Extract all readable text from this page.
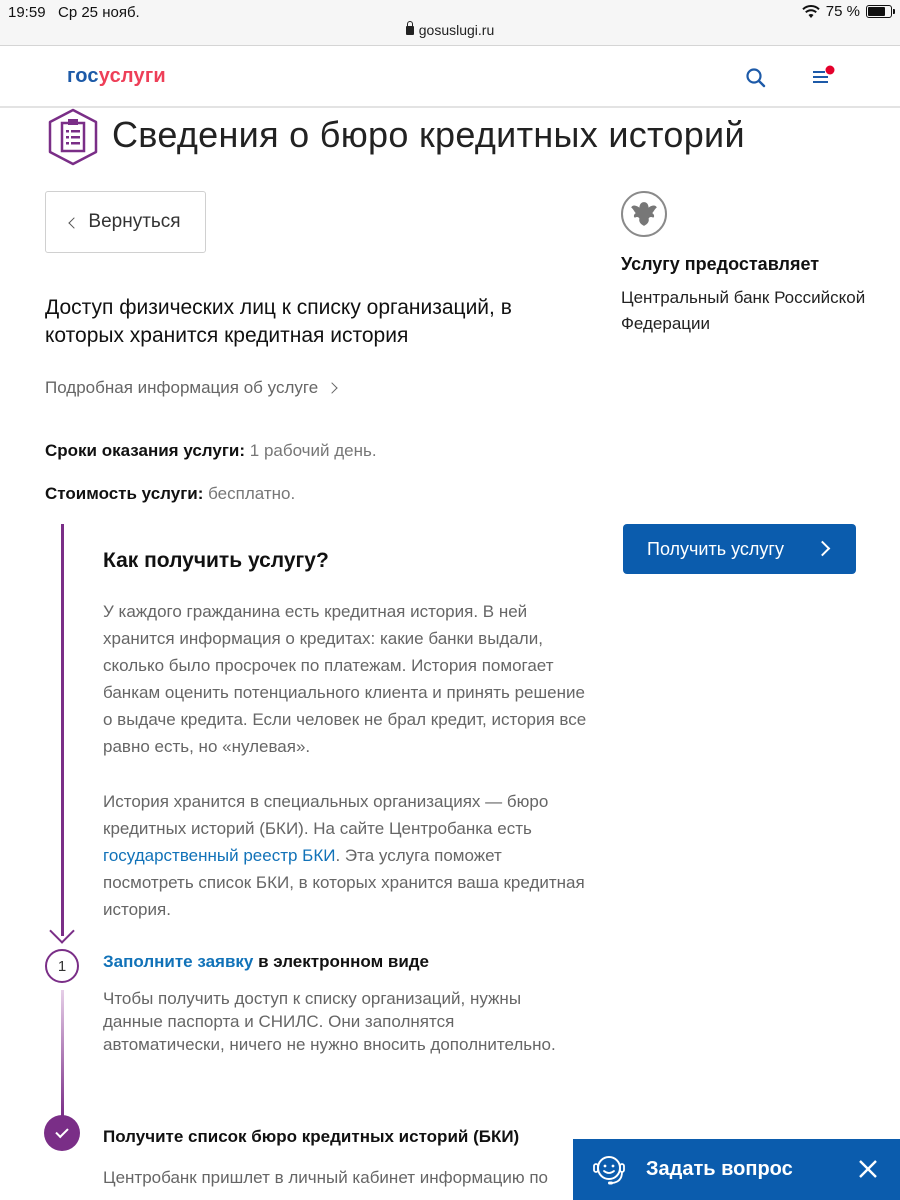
19:59 Ср 25 нояб.	75 %
gosuslugi.ru
госуслуги
Сведения о бюро кредитных историй
Вернуться
Доступ физических лиц к списку организаций, в которых хранится кредитная история
Подробная информация об услуге
Сроки оказания услуги: 1 рабочий день.
Стоимость услуги: бесплатно.
Услугу предоставляет
Центральный банк Российской Федерации
Получить услугу
1
Как получить услугу?

У каждого гражданина есть кредитная история. В ней хранится информация о кредитах: какие банки выдали, сколько было просрочек по платежам. История помогает банкам оценить потенциального клиента и принять решение о выдаче кредита. Если человек не брал кредит, история все равно есть, но «нулевая».

История хранится в специальных организациях — бюро кредитных историй (БКИ). На сайте Центробанка есть государственный реестр БКИ. Эта услуга поможет посмотреть список БКИ, в которых хранится ваша кредитная история.

Заполните заявку в электронном виде
Чтобы получить доступ к списку организаций, нужны данные паспорта и СНИЛС. Они заполнятся автоматически, ничего не нужно вносить дополнительно.
Получите список бюро кредитных историй (БКИ)
Центробанк пришлет в личный кабинет информацию по	Задать вопрос
